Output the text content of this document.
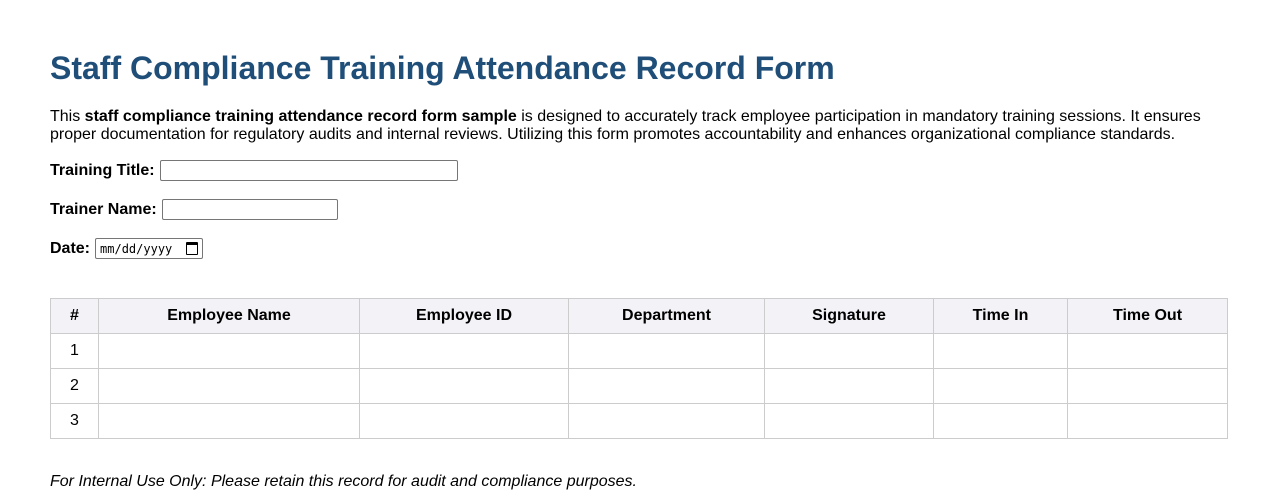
Staff Compliance Training Attendance Record Form

This staff compliance training attendance record form sample is designed to accurately track employee participation in mandatory training sessions. It ensures proper documentation for regulatory audits and internal reviews. Utilizing this form promotes accountability and enhances organizational compliance standards.

Training Title:
Trainer Name:
Date: mm/dd/yyyy
#	Employee Name	Employee ID	Department	Signature	Time In	Time Out
1						
2						
3						

For Internal Use Only: Please retain this record for audit and compliance purposes.
